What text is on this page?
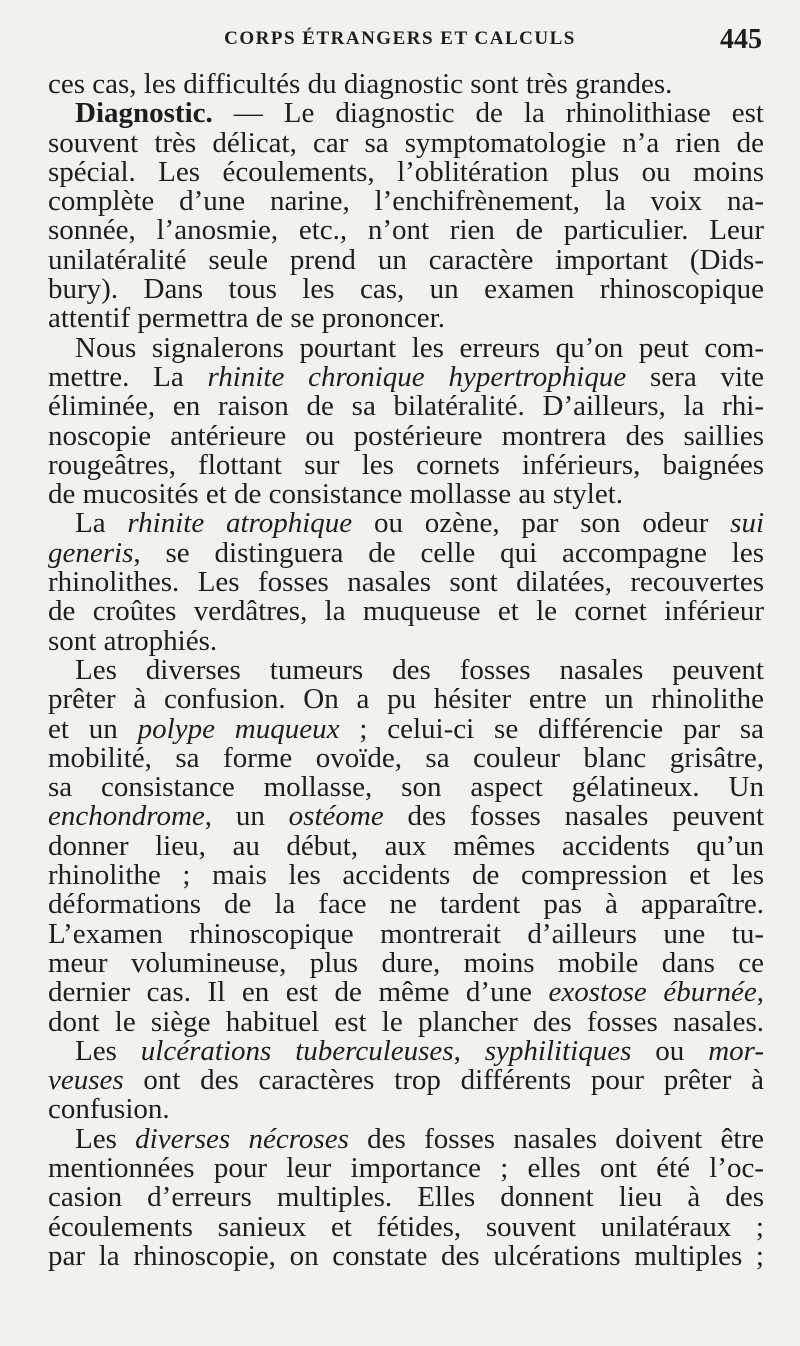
CORPS ÉTRANGERS ET CALCULS	445
ces cas, les difficultés du diagnostic sont très grandes.
Diagnostic. — Le diagnostic de la rhinolithiase est
souvent très délicat, car sa symptomatologie n’a rien de
spécial. Les écoulements, l’oblitération plus ou moins
complète d’une narine, l’enchifrènement, la voix na-
sonnée, l’anosmie, etc., n’ont rien de particulier. Leur
unilatéralité seule prend un caractère important (Dids-
bury). Dans tous les cas, un examen rhinoscopique
attentif permettra de se prononcer.
Nous signalerons pourtant les erreurs qu’on peut com-
mettre. La rhinite chronique hypertrophique sera vite
éliminée, en raison de sa bilatéralité. D’ailleurs, la rhi-
noscopie antérieure ou postérieure montrera des saillies
rougeâtres, flottant sur les cornets inférieurs, baignées
de mucosités et de consistance mollasse au stylet.
La rhinite atrophique ou ozène, par son odeur sui
generis, se distinguera de celle qui accompagne les
rhinolithes. Les fosses nasales sont dilatées, recouvertes
de croûtes verdâtres, la muqueuse et le cornet inférieur
sont atrophiés.
Les diverses tumeurs des fosses nasales peuvent
prêter à confusion. On a pu hésiter entre un rhinolithe
et un polype muqueux ; celui-ci se différencie par sa
mobilité, sa forme ovoïde, sa couleur blanc grisâtre,
sa consistance mollasse, son aspect gélatineux. Un
enchondrome, un ostéome des fosses nasales peuvent
donner lieu, au début, aux mêmes accidents qu’un
rhinolithe ; mais les accidents de compression et les
déformations de la face ne tardent pas à apparaître.
L’examen rhinoscopique montrerait d’ailleurs une tu-
meur volumineuse, plus dure, moins mobile dans ce
dernier cas. Il en est de même d’une exostose éburnée,
dont le siège habituel est le plancher des fosses nasales.
Les ulcérations tuberculeuses, syphilitiques ou mor-
veuses ont des caractères trop différents pour prêter à
confusion.
Les diverses nécroses des fosses nasales doivent être
mentionnées pour leur importance ; elles ont été l’oc-
casion d’erreurs multiples. Elles donnent lieu à des
écoulements sanieux et fétides, souvent unilatéraux ;
par la rhinoscopie, on constate des ulcérations multiples ;
